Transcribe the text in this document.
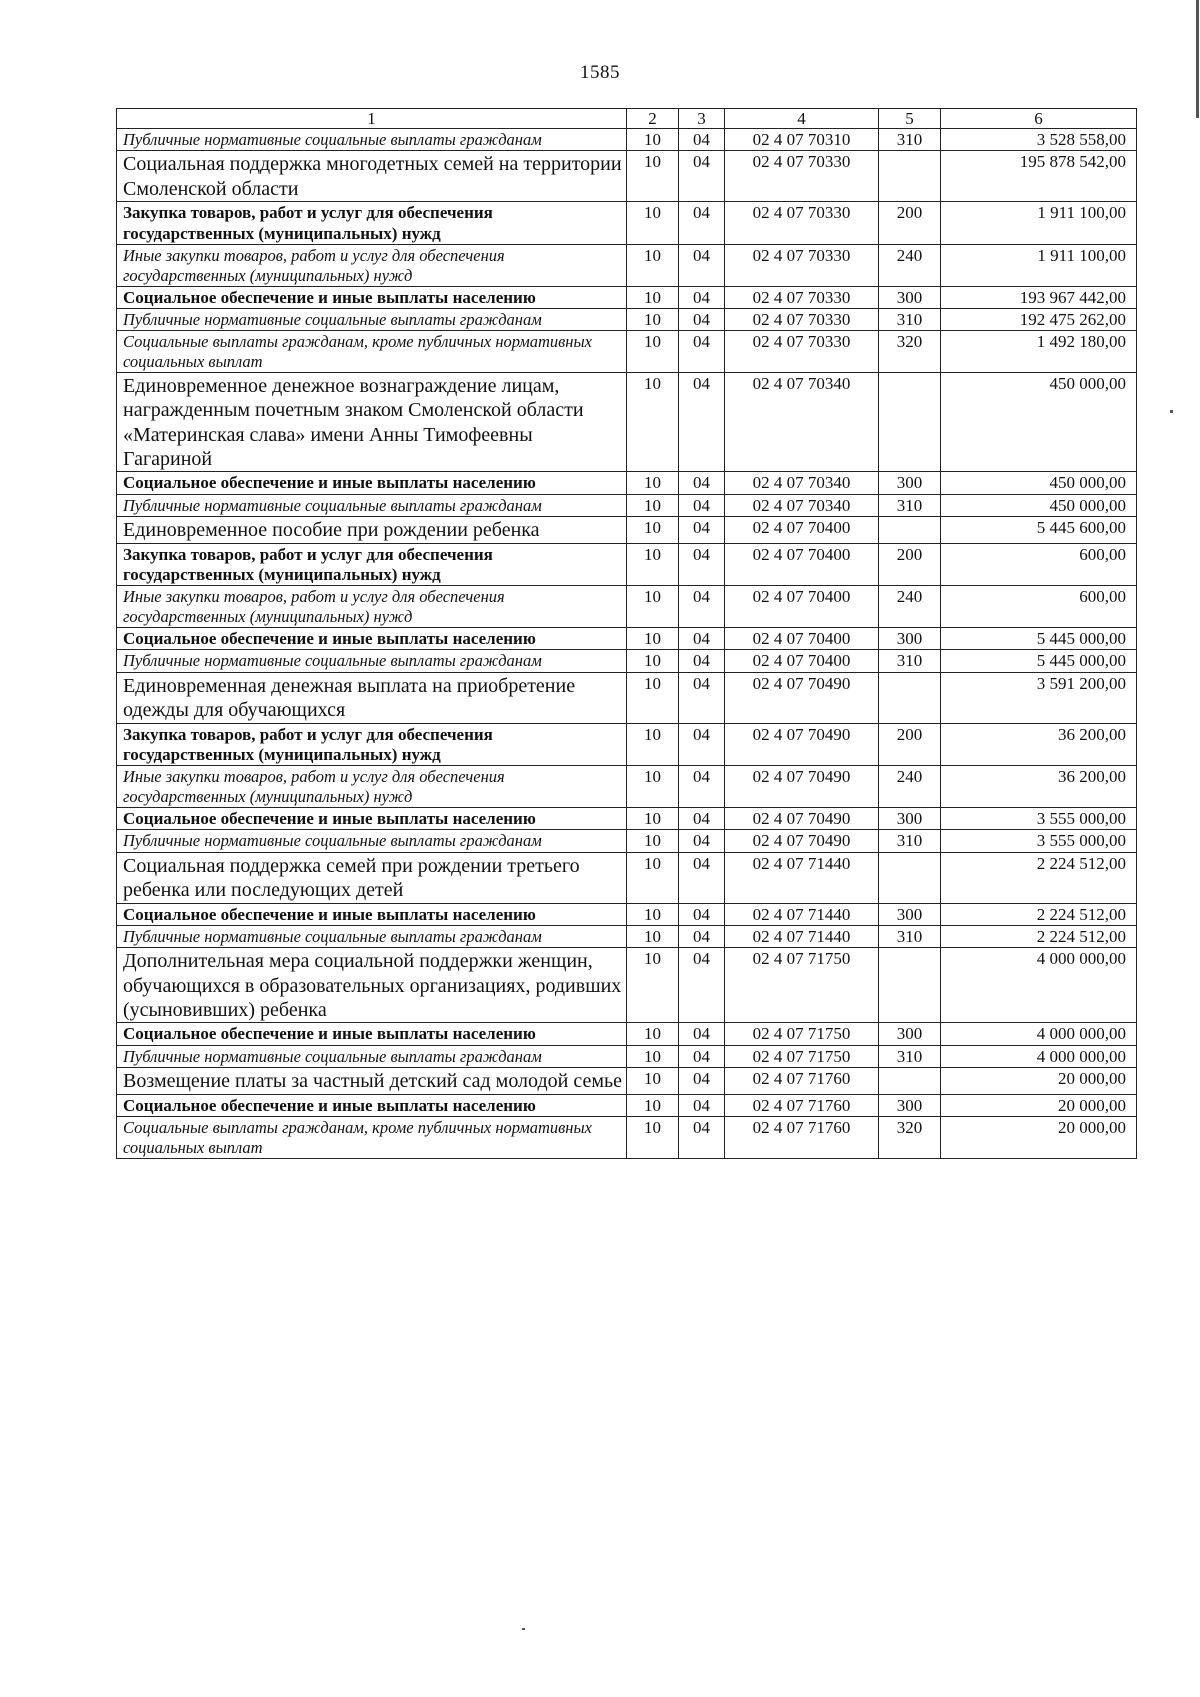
1585
1	2	3	4	5	6
Публичные нормативные социальные выплаты гражданам	10	04	02 4 07 70310	310	3 528 558,00
Социальная поддержка многодетных семей на территории Смоленской области	10	04	02 4 07 70330		195 878 542,00
Закупка товаров, работ и услуг для обеспечения государственных (муниципальных) нужд	10	04	02 4 07 70330	200	1 911 100,00
Иные закупки товаров, работ и услуг для обеспечения государственных (муниципальных) нужд	10	04	02 4 07 70330	240	1 911 100,00
Социальное обеспечение и иные выплаты населению	10	04	02 4 07 70330	300	193 967 442,00
Публичные нормативные социальные выплаты гражданам	10	04	02 4 07 70330	310	192 475 262,00
Социальные выплаты гражданам, кроме публичных нормативных социальных выплат	10	04	02 4 07 70330	320	1 492 180,00
Единовременное денежное вознаграждение лицам, награжденным почетным знаком Смоленской области «Материнская слава» имени Анны Тимофеевны Гагариной	10	04	02 4 07 70340		450 000,00
Социальное обеспечение и иные выплаты населению	10	04	02 4 07 70340	300	450 000,00
Публичные нормативные социальные выплаты гражданам	10	04	02 4 07 70340	310	450 000,00
Единовременное пособие при рождении ребенка	10	04	02 4 07 70400		5 445 600,00
Закупка товаров, работ и услуг для обеспечения государственных (муниципальных) нужд	10	04	02 4 07 70400	200	600,00
Иные закупки товаров, работ и услуг для обеспечения государственных (муниципальных) нужд	10	04	02 4 07 70400	240	600,00
Социальное обеспечение и иные выплаты населению	10	04	02 4 07 70400	300	5 445 000,00
Публичные нормативные социальные выплаты гражданам	10	04	02 4 07 70400	310	5 445 000,00
Единовременная денежная выплата на приобретение одежды для обучающихся	10	04	02 4 07 70490		3 591 200,00
Закупка товаров, работ и услуг для обеспечения государственных (муниципальных) нужд	10	04	02 4 07 70490	200	36 200,00
Иные закупки товаров, работ и услуг для обеспечения государственных (муниципальных) нужд	10	04	02 4 07 70490	240	36 200,00
Социальное обеспечение и иные выплаты населению	10	04	02 4 07 70490	300	3 555 000,00
Публичные нормативные социальные выплаты гражданам	10	04	02 4 07 70490	310	3 555 000,00
Социальная поддержка семей при рождении третьего ребенка или последующих детей	10	04	02 4 07 71440		2 224 512,00
Социальное обеспечение и иные выплаты населению	10	04	02 4 07 71440	300	2 224 512,00
Публичные нормативные социальные выплаты гражданам	10	04	02 4 07 71440	310	2 224 512,00
Дополнительная мера социальной поддержки женщин, обучающихся в образовательных организациях, родивших (усыновивших) ребенка	10	04	02 4 07 71750		4 000 000,00
Социальное обеспечение и иные выплаты населению	10	04	02 4 07 71750	300	4 000 000,00
Публичные нормативные социальные выплаты гражданам	10	04	02 4 07 71750	310	4 000 000,00
Возмещение платы за частный детский сад молодой семье	10	04	02 4 07 71760		20 000,00
Социальное обеспечение и иные выплаты населению	10	04	02 4 07 71760	300	20 000,00
Социальные выплаты гражданам, кроме публичных нормативных социальных выплат	10	04	02 4 07 71760	320	20 000,00
